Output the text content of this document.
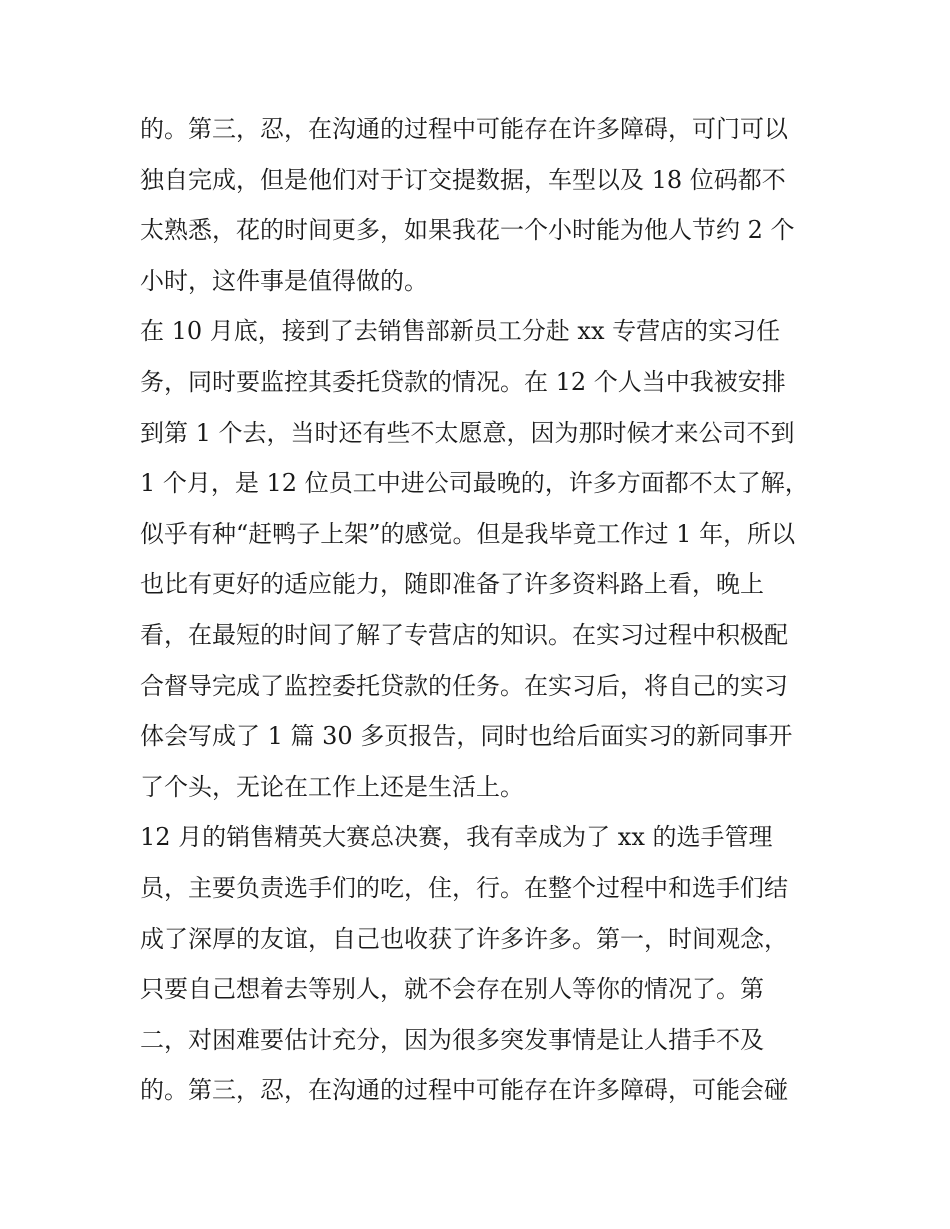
的。第三，忍，在沟通的过程中可能存在许多障碍，可门可以
独自完成，但是他们对于订交提数据，车型以及 18 位码都不
太熟悉，花的时间更多，如果我花一个小时能为他人节约 2 个
小时，这件事是值得做的。
在 10 月底，接到了去销售部新员工分赴 xx 专营店的实习任
务，同时要监控其委托贷款的情况。在 12 个人当中我被安排
到第 1 个去，当时还有些不太愿意，因为那时候才来公司不到
1 个月，是 12 位员工中进公司最晚的，许多方面都不太了解，
似乎有种“赶鸭子上架”的感觉。但是我毕竟工作过 1 年，所以
也比有更好的适应能力，随即准备了许多资料路上看，晚上
看，在最短的时间了解了专营店的知识。在实习过程中积极配
合督导完成了监控委托贷款的任务。在实习后，将自己的实习
体会写成了 1 篇 30 多页报告，同时也给后面实习的新同事开
了个头，无论在工作上还是生活上。
12 月的销售精英大赛总决赛，我有幸成为了 xx 的选手管理
员，主要负责选手们的吃，住，行。在整个过程中和选手们结
成了深厚的友谊，自己也收获了许多许多。第一，时间观念，
只要自己想着去等别人，就不会存在别人等你的情况了。第
二，对困难要估计充分，因为很多突发事情是让人措手不及
的。第三，忍，在沟通的过程中可能存在许多障碍，可能会碰
